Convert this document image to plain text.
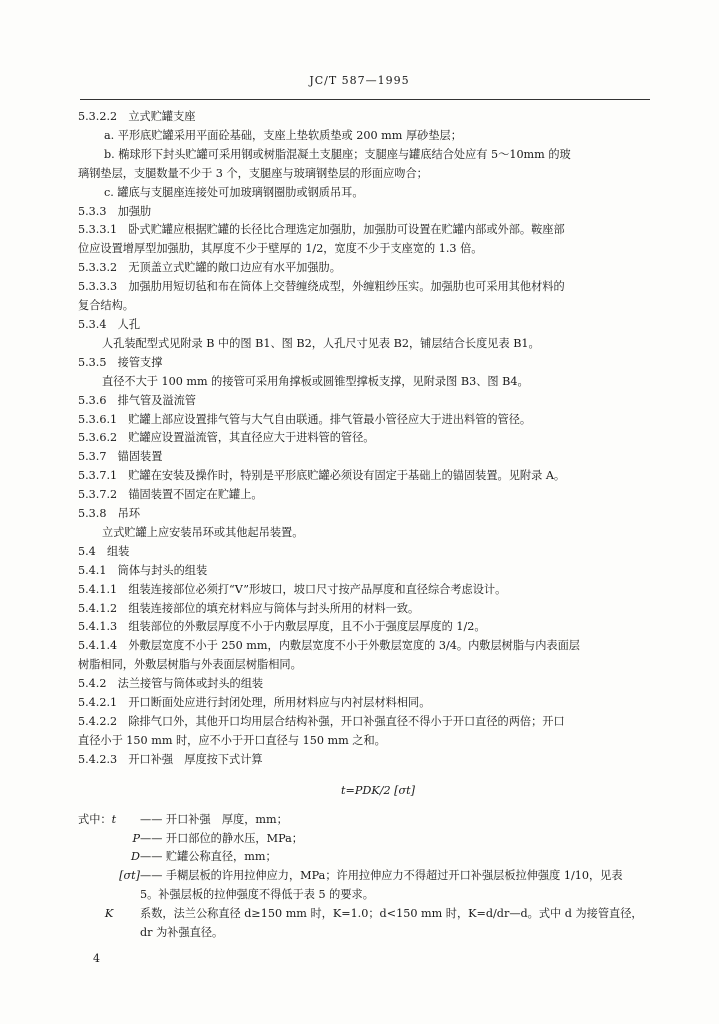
JC/T 587—1995
5.3.2.2　立式贮罐支座
a. 平形底贮罐采用平面砼基础，支座上垫软质垫或 200 mm 厚砂垫层；
b. 椭球形下封头贮罐可采用钢或树脂混凝土支腿座；支腿座与罐底结合处应有 5～10mm 的玻
璃钢垫层，支腿数量不少于 3 个，支腿座与玻璃钢垫层的形面应吻合；
c. 罐底与支腿座连接处可加玻璃钢圈肋或钢质吊耳。
5.3.3　加强肋
5.3.3.1　卧式贮罐应根据贮罐的长径比合理选定加强肋，加强肋可设置在贮罐内部或外部。鞍座部
位应设置增厚型加强肋，其厚度不少于壁厚的 1/2，宽度不少于支座宽的 1.3 倍。
5.3.3.2　无顶盖立式贮罐的敞口边应有水平加强肋。
5.3.3.3　加强肋用短切毡和布在筒体上交替缠绕成型，外缠粗纱压实。加强肋也可采用其他材料的
复合结构。
5.3.4　人孔
人孔装配型式见附录 B 中的图 B1、图 B2，人孔尺寸见表 B2，铺层结合长度见表 B1。
5.3.5　接管支撑
直径不大于 100 mm 的接管可采用角撑板或圆锥型撑板支撑，见附录图 B3、图 B4。
5.3.6　排气管及溢流管
5.3.6.1　贮罐上部应设置排气管与大气自由联通。排气管最小管径应大于进出料管的管径。
5.3.6.2　贮罐应设置溢流管，其直径应大于进料管的管径。
5.3.7　锚固装置
5.3.7.1　贮罐在安装及操作时，特别是平形底贮罐必须设有固定于基础上的锚固装置。见附录 A。
5.3.7.2　锚固装置不固定在贮罐上。
5.3.8　吊环
立式贮罐上应安装吊环或其他起吊装置。
5.4　组装
5.4.1　筒体与封头的组装
5.4.1.1　组装连接部位必须打“V”形坡口，坡口尺寸按产品厚度和直径综合考虑设计。
5.4.1.2　组装连接部位的填充材料应与筒体与封头所用的材料一致。
5.4.1.3　组装部位的外敷层厚度不小于内敷层厚度，且不小于强度层厚度的 1/2。
5.4.1.4　外敷层宽度不小于 250 mm，内敷层宽度不小于外敷层宽度的 3/4。内敷层树脂与内表面层
树脂相同，外敷层树脂与外表面层树脂相同。
5.4.2　法兰接管与筒体或封头的组装
5.4.2.1　开口断面处应进行封闭处理，所用材料应与内衬层材料相同。
5.4.2.2　除排气口外，其他开口均用层合结构补强，开口补强直径不得小于开口直径的两倍；开口
直径小于 150 mm 时，应不小于开口直径与 150 mm 之和。
5.4.2.3　开口补强　厚度按下式计算
t=PDK/2 [σt]
式中：t	—— 开口补强　厚度，mm；
P —— 开口部位的静水压，MPa；
D —— 贮罐公称直径，mm；
[σt] —— 手糊层板的许用拉伸应力，MPa；许用拉伸应力不得超过开口补强层板拉伸强度 1/10，见表 5。补强层板的拉伸强度不得低于表 5 的要求。
K	系数，法兰公称直径 d≥150 mm 时，K=1.0；d<150 mm 时，K=d/dr—d。式中 d 为接管直径，dr 为补强直径。
4
